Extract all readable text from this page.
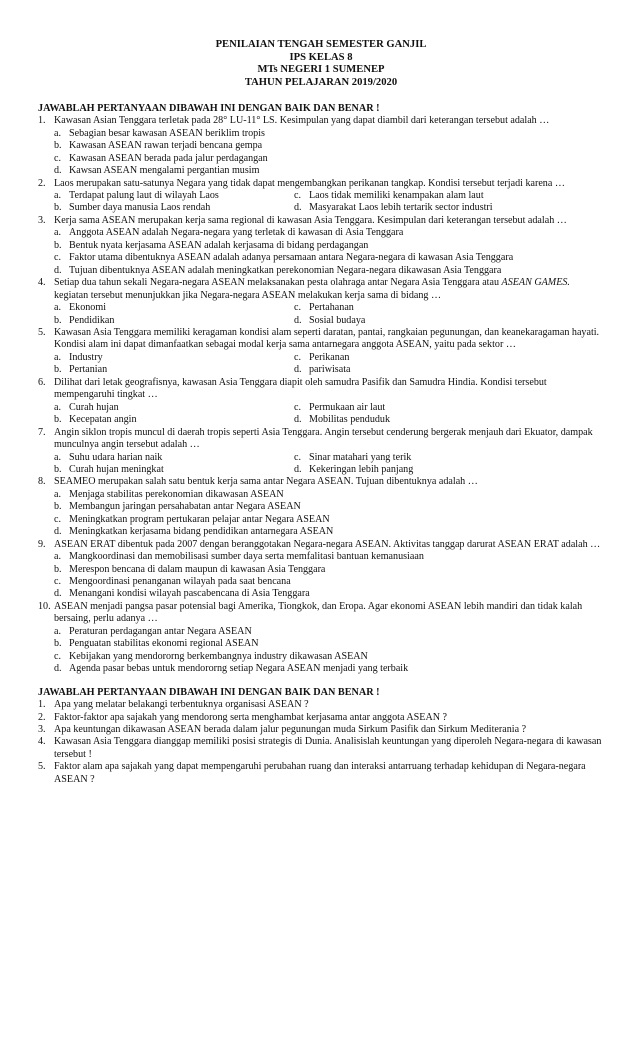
PENILAIAN TENGAH SEMESTER GANJIL
IPS KELAS 8
MTs NEGERI 1 SUMENEP
TAHUN PELAJARAN 2019/2020
JAWABLAH PERTANYAAN DIBAWAH INI DENGAN BAIK DAN BENAR !
1. Kawasan Asian Tenggara terletak pada 28° LU-11° LS. Kesimpulan yang dapat diambil dari keterangan tersebut adalah …
a. Sebagian besar kawasan ASEAN beriklim tropis
b. Kawasan ASEAN rawan terjadi bencana gempa
c. Kawasan ASEAN berada pada jalur perdagangan
d. Kawsan ASEAN mengalami pergantian musim
2. Laos merupakan satu-satunya Negara yang tidak dapat mengembangkan perikanan tangkap. Kondisi tersebut terjadi karena …
a. Terdapat palung laut di wilayah Laos	c. Laos tidak memiliki kenampakan alam laut
b. Sumber daya manusia Laos rendah	d. Masyarakat Laos lebih tertarik sector industri
3. Kerja sama ASEAN merupakan kerja sama regional di kawasan Asia Tenggara. Kesimpulan dari keterangan tersebut adalah …
a. Anggota ASEAN adalah Negara-negara yang terletak di kawasan di Asia Tenggara
b. Bentuk nyata kerjasama ASEAN adalah kerjasama di bidang perdagangan
c. Faktor utama dibentuknya ASEAN adalah adanya persamaan antara Negara-negara di kawasan Asia Tenggara
d. Tujuan dibentuknya ASEAN adalah meningkatkan perekonomian Negara-negara dikawasan Asia Tenggara
4. Setiap dua tahun sekali Negara-negara ASEAN melaksanakan pesta olahraga antar Negara Asia Tenggara atau ASEAN GAMES. kegiatan tersebut menunjukkan jika Negara-negara ASEAN melakukan kerja sama di bidang …
a. Ekonomi	c. Pertahanan
b. Pendidikan	d. Sosial budaya
5. Kawasan Asia Tenggara memiliki keragaman kondisi alam seperti daratan, pantai, rangkaian pegunungan, dan keanekaragaman hayati. Kondisi alam ini dapat dimanfaatkan sebagai modal kerja sama antarnegara anggota ASEAN, yaitu pada sektor …
a. Industry	c. Perikanan
b. Pertanian	d. pariwisata
6. Dilihat dari letak geografisnya, kawasan Asia Tenggara diapit oleh samudra Pasifik dan Samudra Hindia. Kondisi tersebut mempengaruhi tingkat …
a. Curah hujan	c. Permukaan air laut
b. Kecepatan angin	d. Mobilitas penduduk
7. Angin siklon tropis muncul di daerah tropis seperti Asia Tenggara. Angin tersebut cenderung bergerak menjauh dari Ekuator, dampak munculnya angin tersebut adalah …
a. Suhu udara harian naik	c. Sinar matahari yang terik
b. Curah hujan meningkat	d. Kekeringan lebih panjang
8. SEAMEO merupakan salah satu bentuk kerja sama antar Negara ASEAN. Tujuan dibentuknya adalah …
a. Menjaga stabilitas perekonomian dikawasan ASEAN
b. Membangun jaringan persahabatan antar Negara ASEAN
c. Meningkatkan program pertukaran pelajar antar Negara ASEAN
d. Meningkatkan kerjasama bidang pendidikan antarnegara ASEAN
9. ASEAN ERAT dibentuk pada 2007 dengan beranggotakan Negara-negara ASEAN. Aktivitas tanggap darurat ASEAN ERAT adalah …
a. Mangkoordinasi dan memobilisasi sumber daya serta memfalitasi bantuan kemanusiaan
b. Merespon bencana di dalam maupun di kawasan Asia Tenggara
c. Mengoordinasi penanganan wilayah pada saat bencana
d. Menangani kondisi wilayah pascabencana di Asia Tenggara
10. ASEAN menjadi pangsa pasar potensial bagi Amerika, Tiongkok, dan Eropa. Agar ekonomi ASEAN lebih mandiri dan tidak kalah bersaing, perlu adanya …
a. Peraturan perdagangan antar Negara ASEAN
b. Penguatan stabilitas ekonomi regional ASEAN
c. Kebijakan yang mendororng berkembangnya industry dikawasan ASEAN
d. Agenda pasar bebas untuk mendororng setiap Negara ASEAN menjadi yang terbaik
JAWABLAH PERTANYAAN DIBAWAH INI DENGAN BAIK DAN BENAR !
1. Apa yang melatar belakangi terbentuknya organisasi ASEAN ?
2. Faktor-faktor apa sajakah yang mendorong serta menghambat kerjasama antar anggota ASEAN ?
3. Apa keuntungan dikawasan ASEAN berada dalam jalur pegunungan muda Sirkum Pasifik dan Sirkum Mediterania ?
4. Kawasan Asia Tenggara dianggap memiliki posisi strategis di Dunia. Analisislah keuntungan yang diperoleh Negara-negara di kawasan tersebut !
5. Faktor alam apa sajakah yang dapat mempengaruhi perubahan ruang dan interaksi antarruang terhadap kehidupan di Negara-negara ASEAN ?
